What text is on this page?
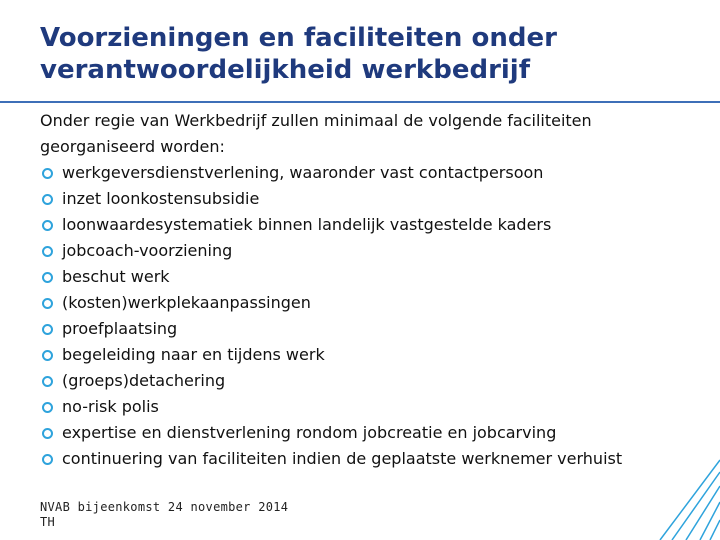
Voorzieningen en faciliteiten onder
verantwoordelijkheid werkbedrijf
Onder regie van Werkbedrijf zullen minimaal de volgende faciliteiten
georganiseerd worden:
werkgeversdienstverlening, waaronder vast contactpersoon
inzet loonkostensubsidie
loonwaardesystematiek binnen landelijk vastgestelde kaders
jobcoach-voorziening
beschut werk
(kosten)werkplekaanpassingen
proefplaatsing
begeleiding naar en tijdens werk
(groeps)detachering
no-risk polis
expertise en dienstverlening rondom jobcreatie en jobcarving
continuering van faciliteiten indien de geplaatste werknemer verhuist
NVAB bijeenkomst 24 november 2014
TH
